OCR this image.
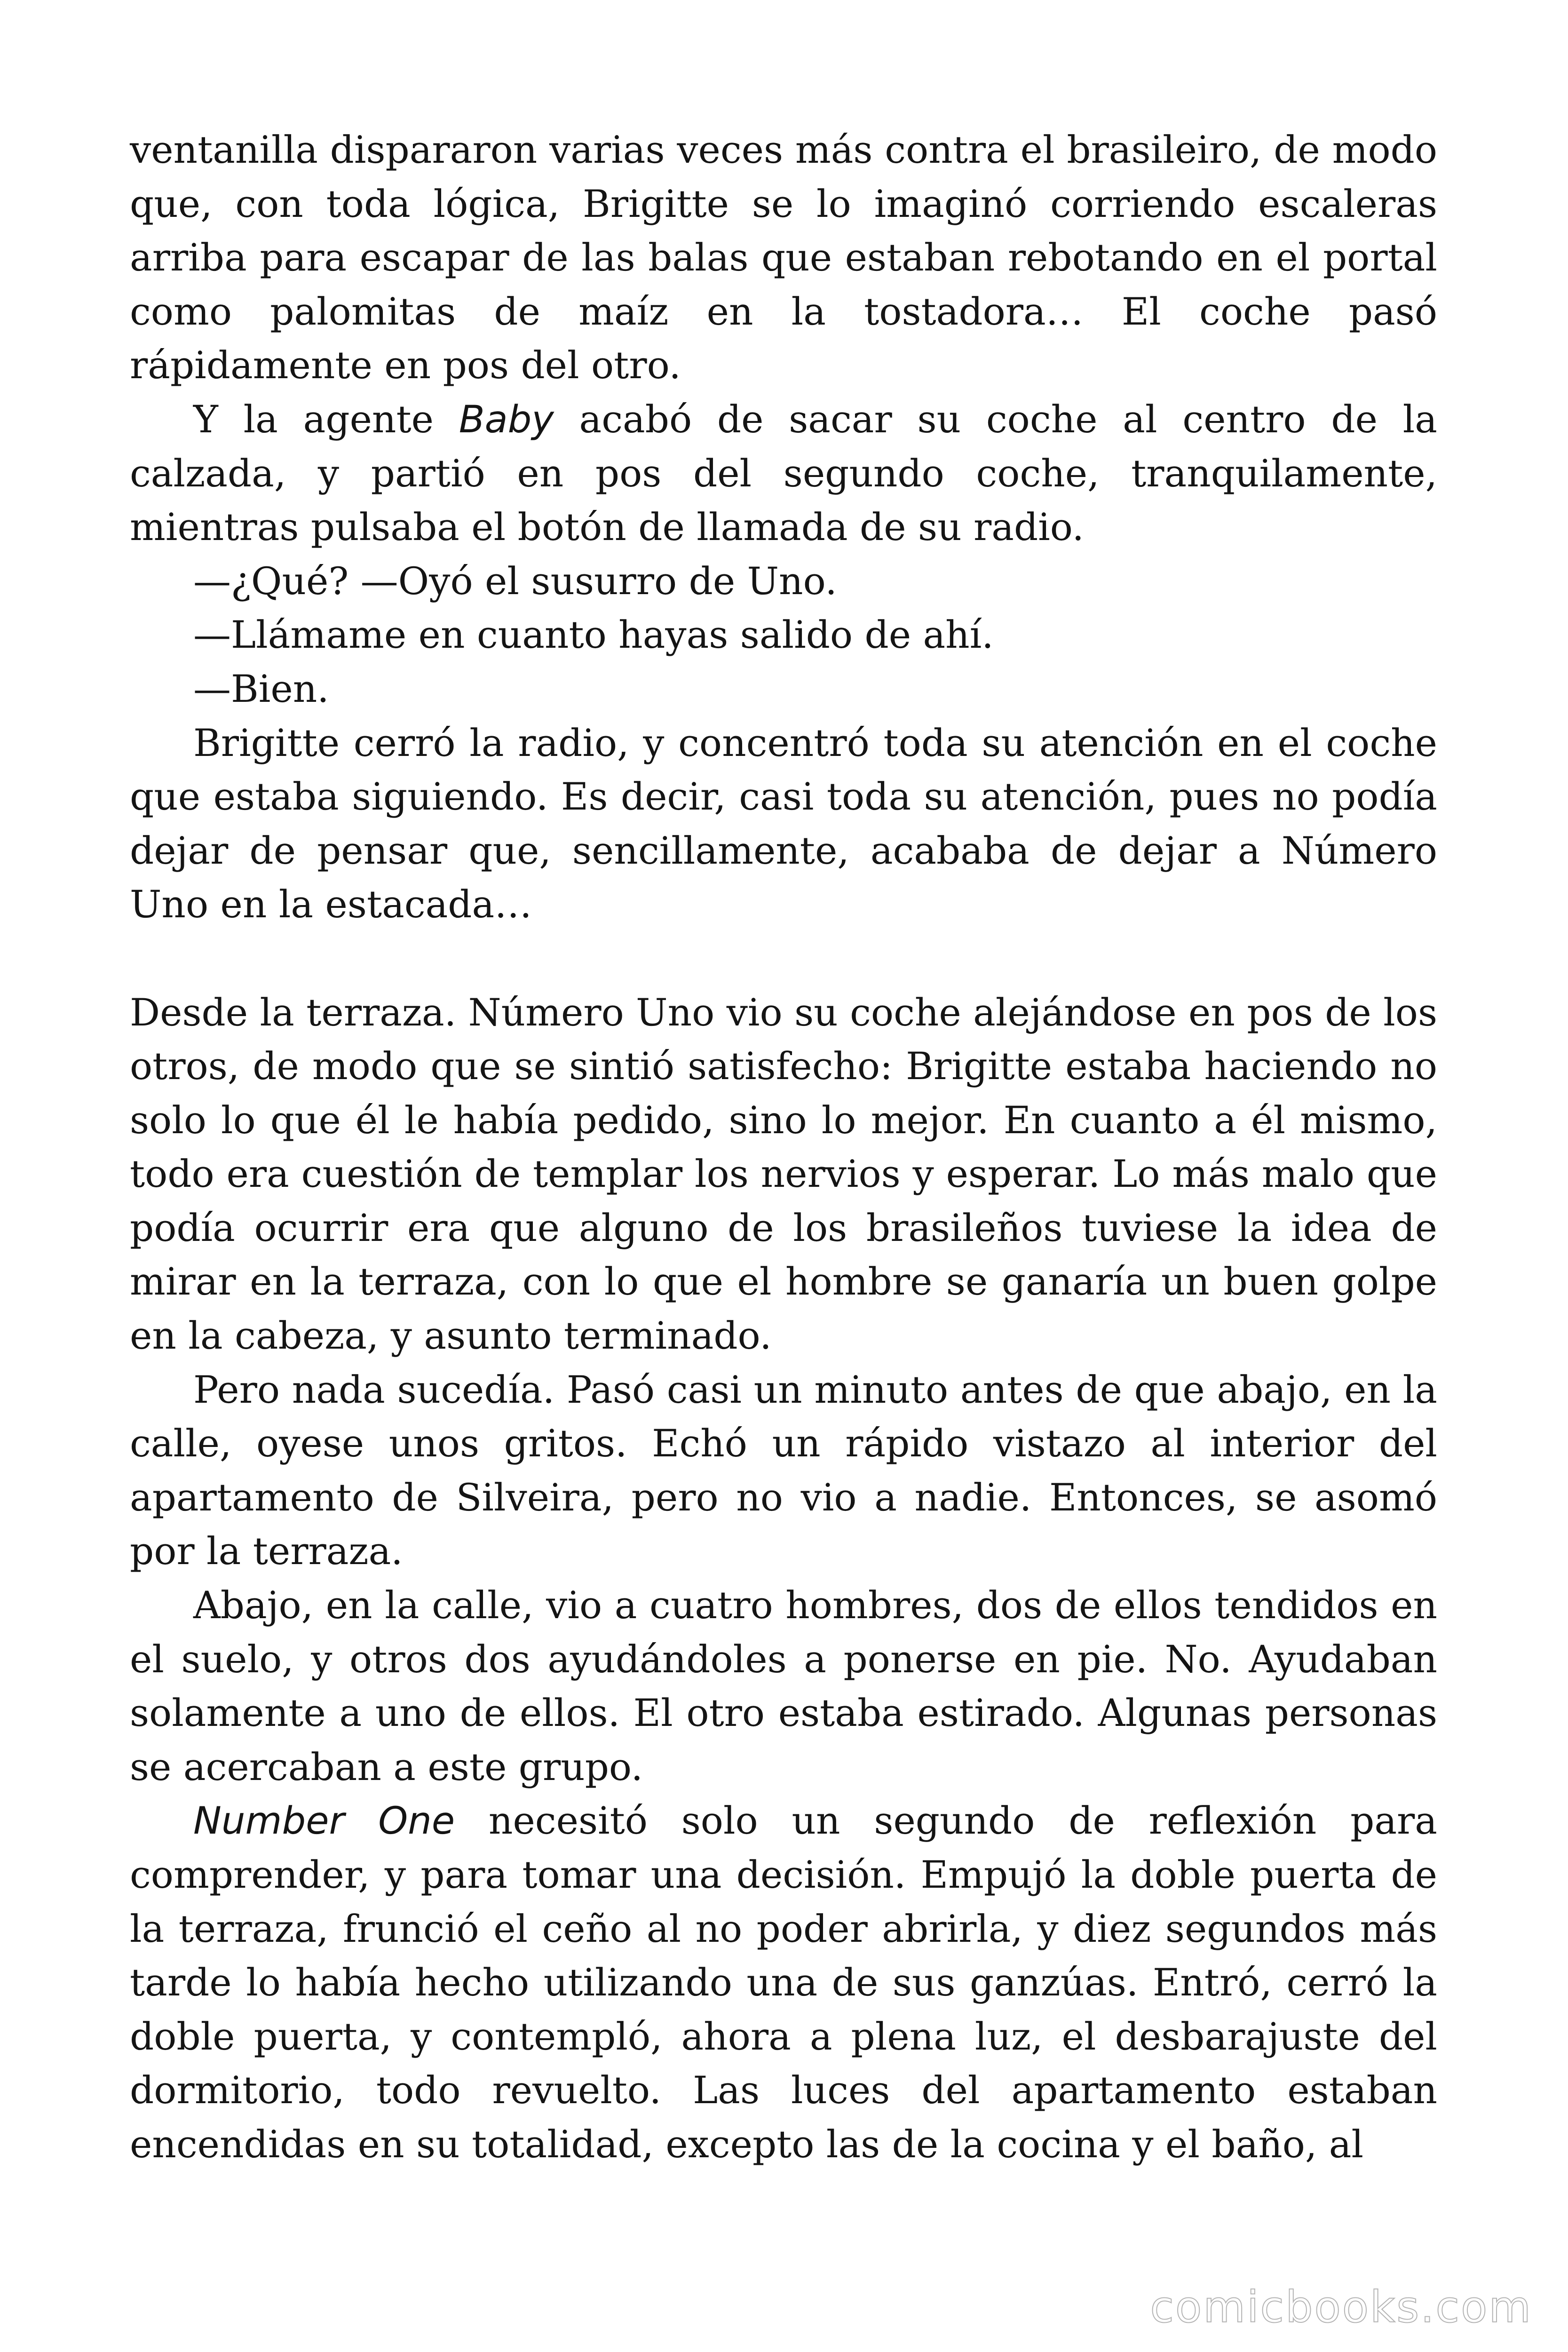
ventanilla dispararon varias veces más contra el brasileiro, de modo que, con toda lógica, Brigitte se lo imaginó corriendo escaleras arriba para escapar de las balas que estaban rebotando en el portal como palomitas de maíz en la tostadora… El coche pasó rápidamente en pos del otro.

Y la agente Baby acabó de sacar su coche al centro de la calzada, y partió en pos del segundo coche, tranquilamente, mientras pulsaba el botón de llamada de su radio.

—¿Qué? —Oyó el susurro de Uno.

—Llámame en cuanto hayas salido de ahí.

—Bien.

Brigitte cerró la radio, y concentró toda su atención en el coche que estaba siguiendo. Es decir, casi toda su atención, pues no podía dejar de pensar que, sencillamente, acababa de dejar a Número Uno en la estacada…

Desde la terraza. Número Uno vio su coche alejándose en pos de los otros, de modo que se sintió satisfecho: Brigitte estaba haciendo no solo lo que él le había pedido, sino lo mejor. En cuanto a él mismo, todo era cuestión de templar los nervios y esperar. Lo más malo que podía ocurrir era que alguno de los brasileños tuviese la idea de mirar en la terraza, con lo que el hombre se ganaría un buen golpe en la cabeza, y asunto terminado.

Pero nada sucedía. Pasó casi un minuto antes de que abajo, en la calle, oyese unos gritos. Echó un rápido vistazo al interior del apartamento de Silveira, pero no vio a nadie. Entonces, se asomó por la terraza.

Abajo, en la calle, vio a cuatro hombres, dos de ellos tendidos en el suelo, y otros dos ayudándoles a ponerse en pie. No. Ayudaban solamente a uno de ellos. El otro estaba estirado. Algunas personas se acercaban a este grupo.

Number One necesitó solo un segundo de reflexión para comprender, y para tomar una decisión. Empujó la doble puerta de la terraza, frunció el ceño al no poder abrirla, y diez segundos más tarde lo había hecho utilizando una de sus ganzúas. Entró, cerró la doble puerta, y contempló, ahora a plena luz, el desbarajuste del dormitorio, todo revuelto. Las luces del apartamento estaban encendidas en su totalidad, excepto las de la cocina y el baño, al

comicbooks.com
